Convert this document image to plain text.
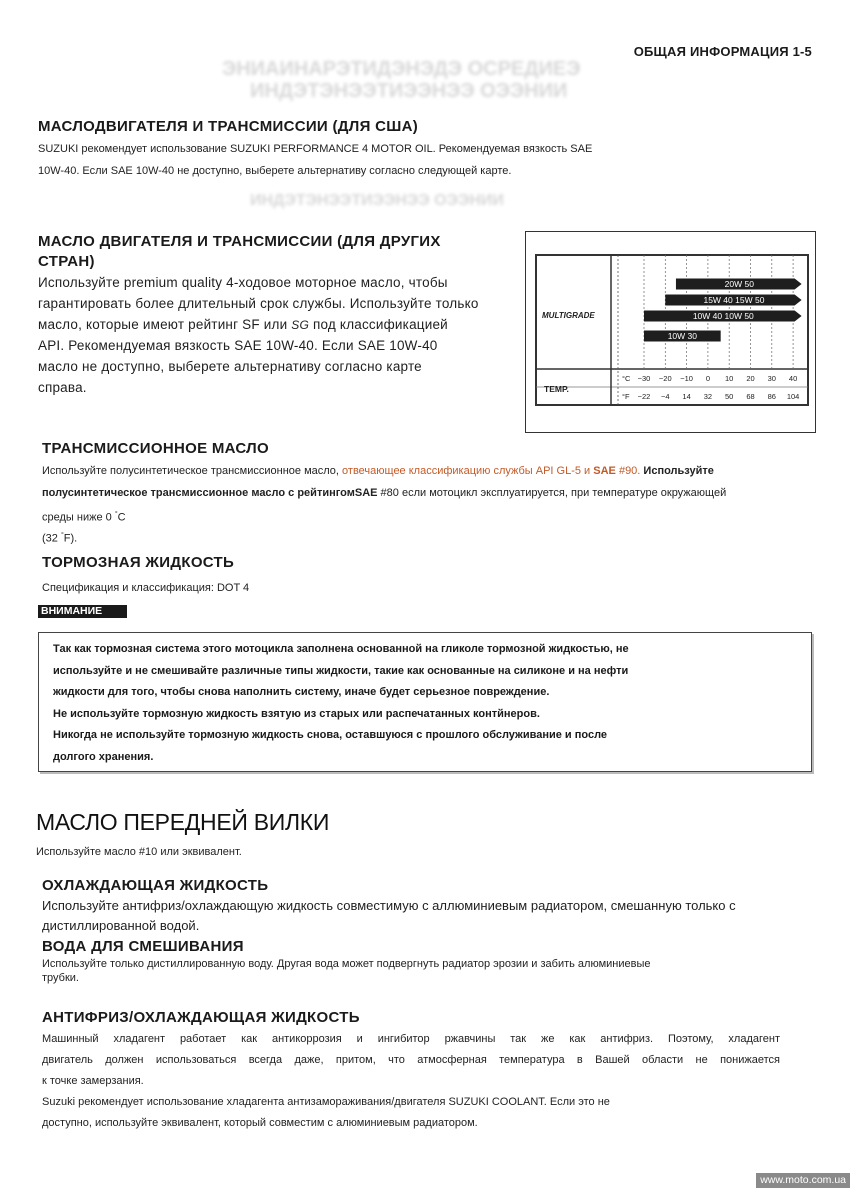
ОБЩАЯ ИНФОРМАЦИЯ 1-5
ЭНИАИНАРЭТИДЭНЭДЭ ОСРЕДИЕЭ
ИНДЭТЭНЭЭТИЭЭНЭЭ ОЭЭНИИ
МАСЛОДВИГАТЕЛЯ И ТРАНСМИССИИ (ДЛЯ США)
SUZUKI рекомендует использование SUZUKI PERFORMANCE 4 MOTOR OIL. Рекомендуемая вязкость SAE
10W-40. Если SAE 10W-40 не доступно, выберете альтернативу согласно следующей карте.
ИНДЭТЭНЭЭТИЭЭНЭЭ ОЭЭНИИ
МАСЛО ДВИГАТЕЛЯ И ТРАНСМИССИИ (ДЛЯ ДРУГИХ
СТРАН)
Используйте premium quality 4-ходовое моторное масло, чтобы
гарантировать более длительный срок службы. Используйте только
масло, которые имеют рейтинг SF или SG под классификацией
API. Рекомендуемая вязкость SAE 10W-40. Если SAE 10W-40
масло не доступно, выберете альтернативу согласно карте
справа.
MULTIGRADE
TEMP.
°C
°F
20W 50
15W 40 15W 50
10W 40 10W 50
10W 30
−30
−22
−20
−4
−10
14
0
32
10
50
20
68
30
86
40
104
ТРАНСМИССИОННОЕ МАСЛО
Используйте полусинтетическое трансмиссионное масло, отвечающее классификацию службы API GL-5 и SAE #90. Используйте
полусинтетическое трансмиссионное масло с рейтингомSAE #80 если мотоцикл эксплуатируется, при температуре окружающей
среды ниже 0 °C
(32 °F).
ТОРМОЗНАЯ ЖИДКОСТЬ
Спецификация и классификация: DOT 4
ВНИМАНИЕ
Так как тормозная система этого мотоцикла заполнена основанной на гликоле тормозной жидкостью, не
используйте и не смешивайте различные типы жидкости, такие как основанные на силиконе и на нефти
жидкости для того, чтобы снова наполнить систему, иначе будет серьезное повреждение.
Не используйте тормозную жидкость взятую из старых или распечатанных контйнеров.
Никогда не используйте тормозную жидкость снова, оставшуюся с прошлого обслуживание и после
долгого хранения.
МАСЛО ПЕРЕДНЕЙ ВИЛКИ
Используйте масло #10 или эквивалент.
ОХЛАЖДАЮЩАЯ ЖИДКОСТЬ
Используйте антифриз/охлаждающую жидкость совместимую с аллюминиевым радиатором, смешанную только с
дистиллированной водой.
ВОДА ДЛЯ СМЕШИВАНИЯ
Используйте только дистиллированную воду. Другая вода может подвергнуть радиатор эрозии и забить алюминиевые
трубки.
АНТИФРИЗ/ОХЛАЖДАЮЩАЯ ЖИДКОСТЬ
Машинный хладагент работает как антикоррозия и ингибитор ржавчины так же как антифриз. Поэтому, хладагент
двигатель должен использоваться всегда даже, притом, что атмосферная температура в Вашей области не понижается
к точке замерзания.
Suzuki рекомендует использование хладагента антизамораживания/двигателя SUZUKI COOLANT. Если это не
доступно, используйте эквивалент, который совместим с алюминиевым радиатором.
www.moto.com.ua
